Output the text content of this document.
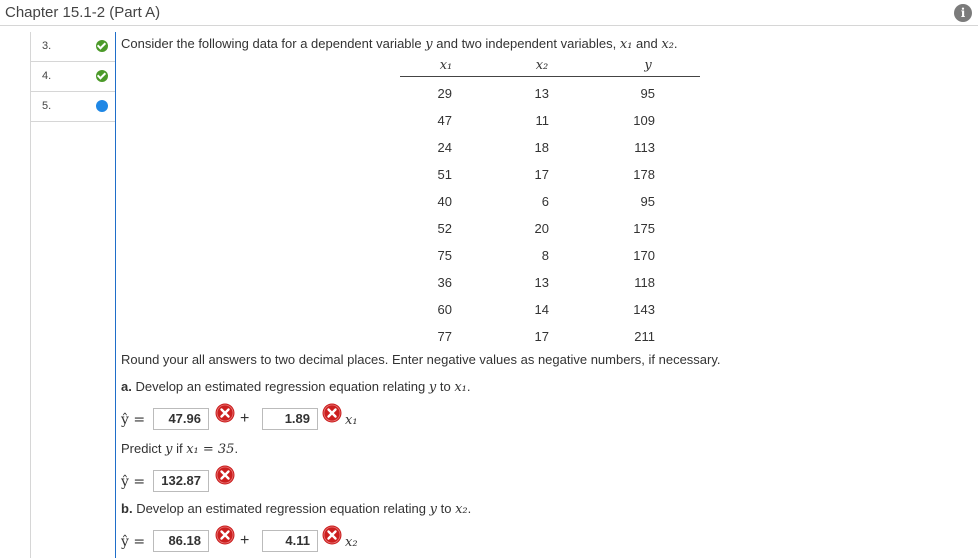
Chapter 15.1-2 (Part A)	i
3.
4.
5.
Consider the following data for a dependent variable y and two independent variables, x₁ and x₂.
x₁	x₂	y
29	13	95
47	11	109
24	18	113
51	17	178
40	6	95
52	20	175
75	8	170
36	13	118
60	14	143
77	17	211
Round your all answers to two decimal places. Enter negative values as negative numbers, if necessary.
a. Develop an estimated regression equation relating y to x₁.
ŷ =	47.96	+	1.89	x₁
Predict y if x₁ = 35.
ŷ =	132.87
b. Develop an estimated regression equation relating y to x₂.
ŷ =	86.18	+	4.11	x₂
